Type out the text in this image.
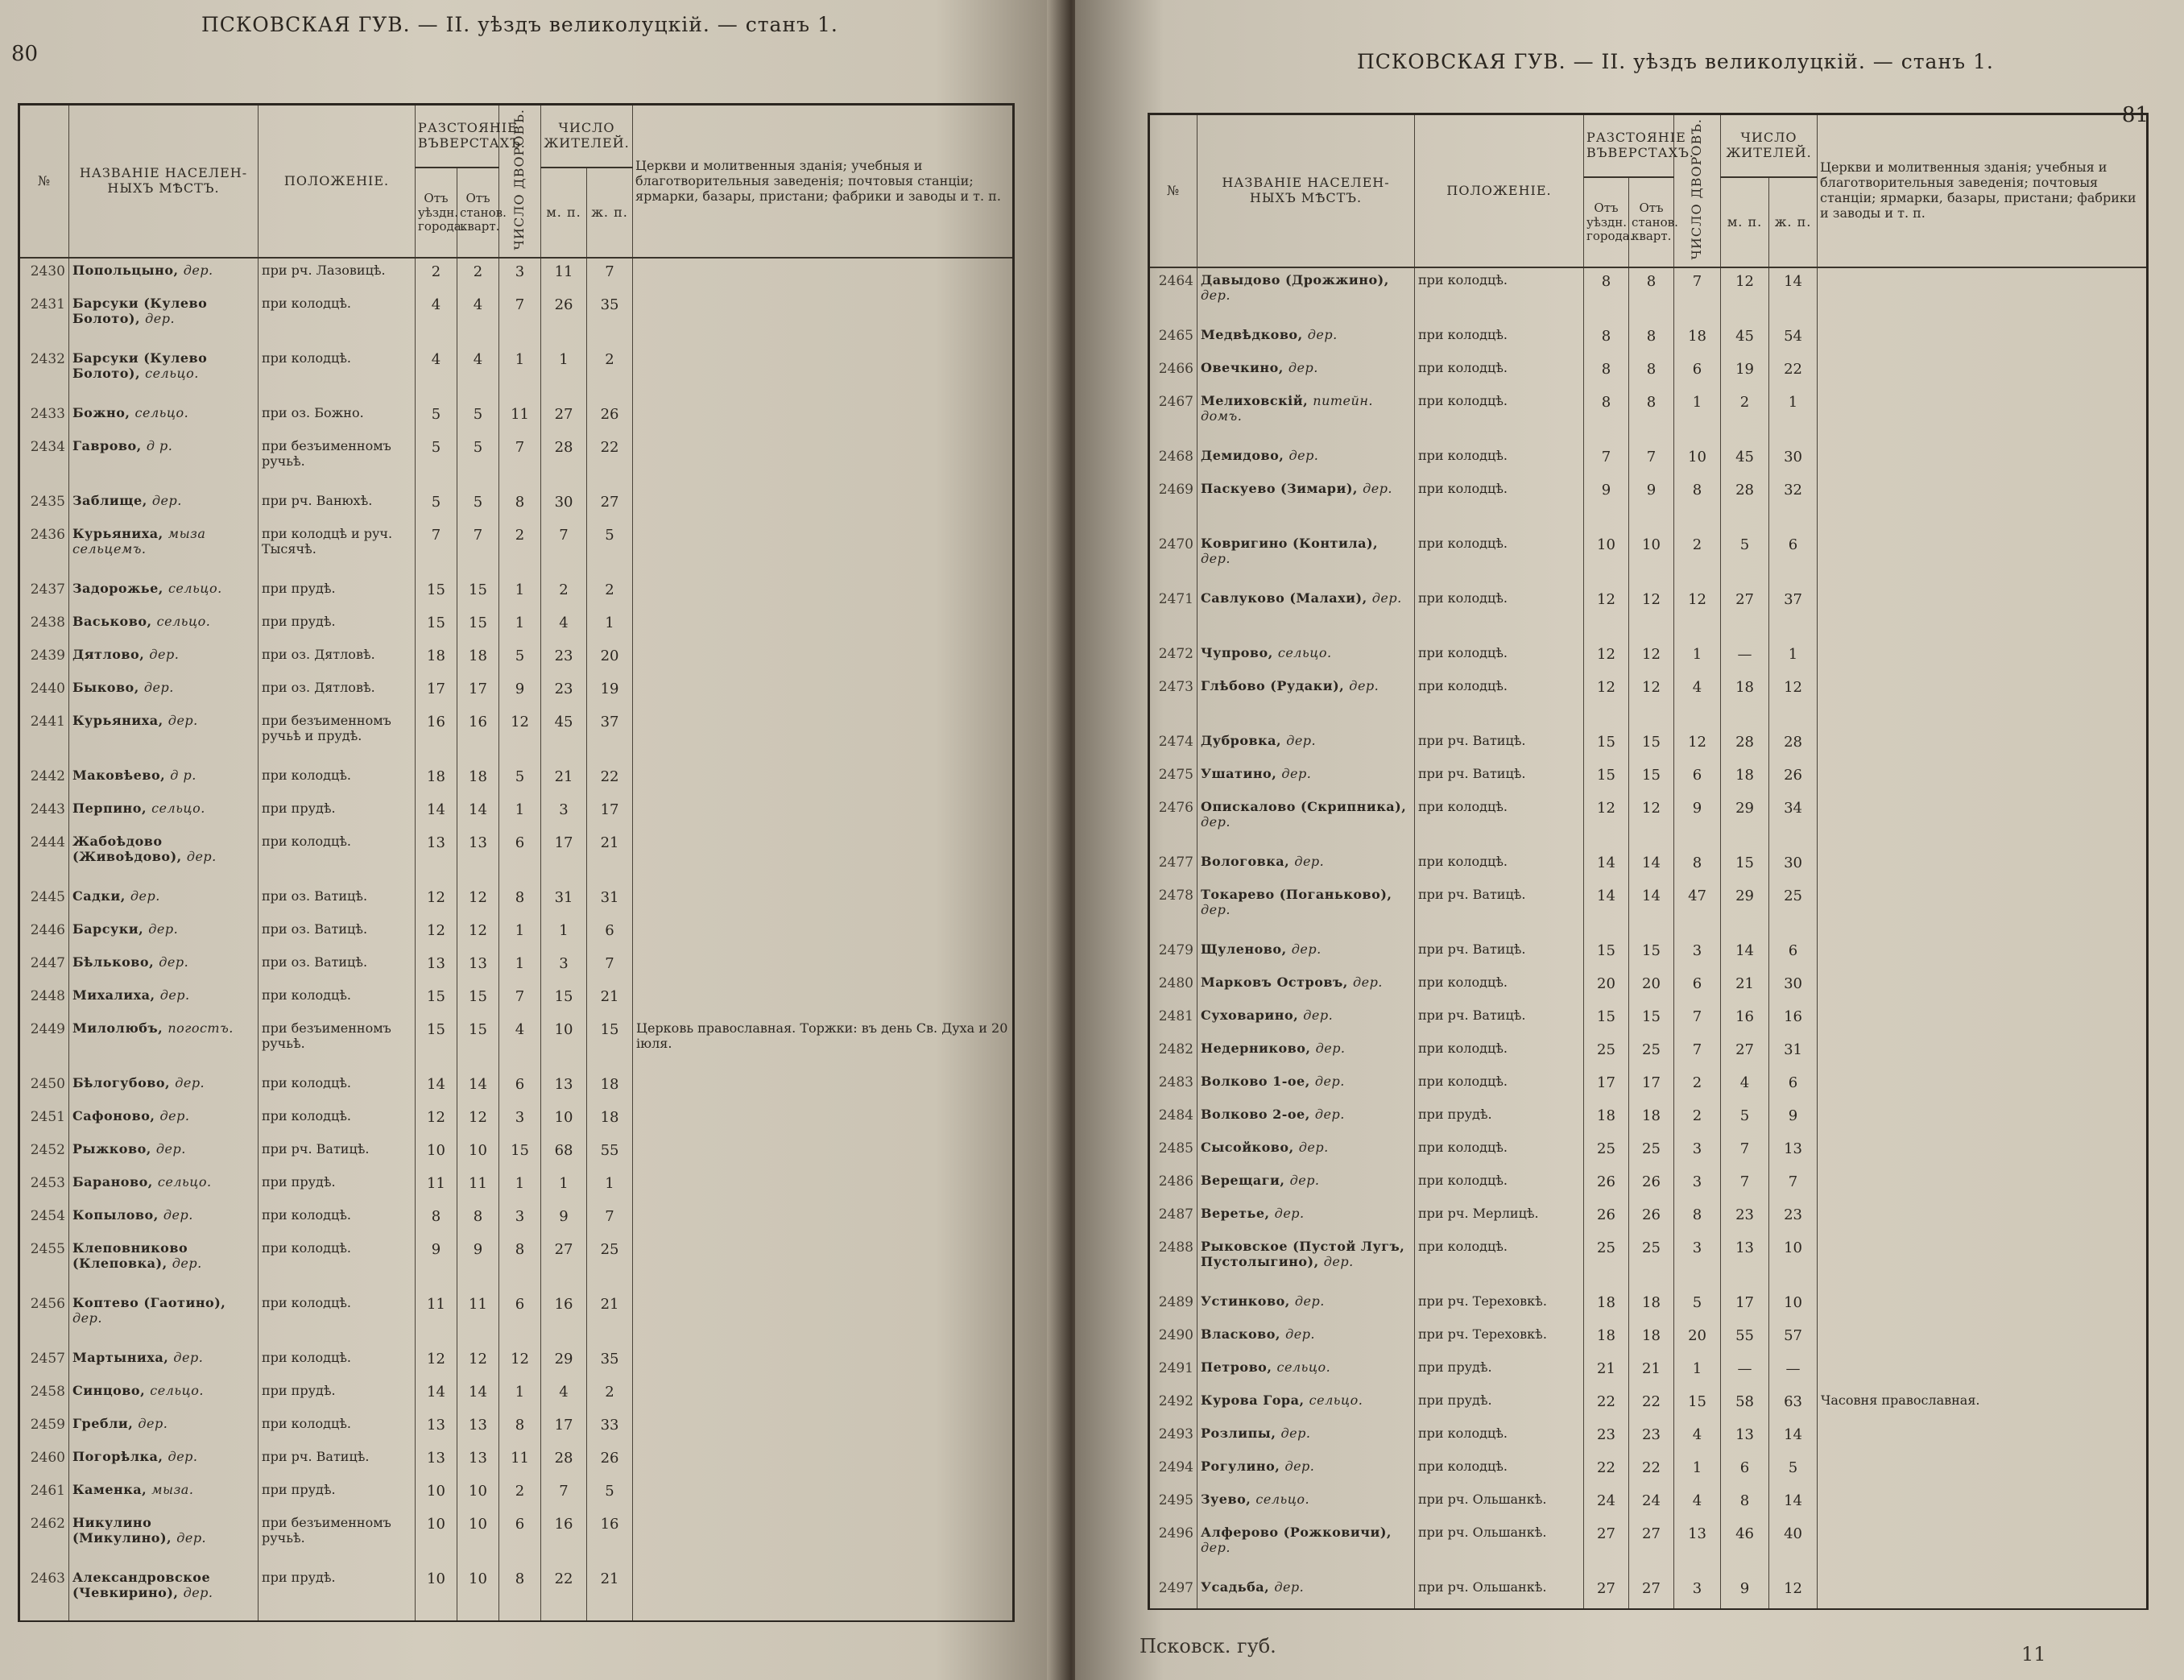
80
ПСКОВСКАЯ ГУВ. — II. уѣздъ великолуцкій. — станъ 1.
№	НАЗВАНІЕ НАСЕЛЕН-НЫХЪ МѢСТЪ.	ПОЛОЖЕНІЕ.	РАЗСТОЯНІЕ ВЪВЕРСТАХЪ.		ЧИСЛО ДВОРОВЪ.	ЧИСЛО ЖИТЕЛЕЙ.		Церкви и молитвенныя зданія; учебныя и благотворительныя заведенія; почтовыя станціи; ярмарки, базары, пристани; фабрики и заводы и т. п.
			Отъ уѣздн. города.	Отъ станов. кварт.		м. п.	ж. п.	
2430	Попольцыно, дер.	при рч. Лазовицѣ.	2	2	3	11	7	
2431	Барсуки (Кулево Болото), дер.	при колодцѣ.	4	4	7	26	35	
2432	Барсуки (Кулево Болото), сельцо.	при колодцѣ.	4	4	1	1	2	
2433	Божно, сельцо.	при оз. Божно.	5	5	11	27	26	
2434	Гаврово, д р.	при безъименномъ ручьѣ.	5	5	7	28	22	
2435	Заблище, дер.	при рч. Ванюхѣ.	5	5	8	30	27	
2436	Курьяниха, мыза сельцемъ.	при колодцѣ и руч. Тысячѣ.	7	7	2	7	5	
2437	Задорожье, сельцо.	при прудѣ.	15	15	1	2	2	
2438	Васьково, сельцо.	при прудѣ.	15	15	1	4	1	
2439	Дятлово, дер.	при оз. Дятловѣ.	18	18	5	23	20	
2440	Быково, дер.	при оз. Дятловѣ.	17	17	9	23	19	
2441	Курьяниха, дер.	при безъименномъ ручьѣ и прудѣ.	16	16	12	45	37	
2442	Маковѣево, д р.	при колодцѣ.	18	18	5	21	22	
2443	Перпино, сельцо.	при прудѣ.	14	14	1	3	17	
2444	Жабоѣдово (Живоѣдово), дер.	при колодцѣ.	13	13	6	17	21	
2445	Садки, дер.	при оз. Ватицѣ.	12	12	8	31	31	
2446	Барсуки, дер.	при оз. Ватицѣ.	12	12	1	1	6	
2447	Бѣльково, дер.	при оз. Ватицѣ.	13	13	1	3	7	
2448	Михалиха, дер.	при колодцѣ.	15	15	7	15	21	
2449	Милолюбъ, погостъ.	при безъименномъ ручьѣ.	15	15	4	10	15	Церковь православная. Торжки: въ день Св. Духа и 20 іюля.
2450	Бѣлогубово, дер.	при колодцѣ.	14	14	6	13	18	
2451	Сафоново, дер.	при колодцѣ.	12	12	3	10	18	
2452	Рыжково, дер.	при рч. Ватицѣ.	10	10	15	68	55	
2453	Бараново, сельцо.	при прудѣ.	11	11	1	1	1	
2454	Копылово, дер.	при колодцѣ.	8	8	3	9	7	
2455	Клеповниково (Клеповка), дер.	при колодцѣ.	9	9	8	27	25	
2456	Коптево (Гаотино), дер.	при колодцѣ.	11	11	6	16	21	
2457	Мартыниха, дер.	при колодцѣ.	12	12	12	29	35	
2458	Синцово, сельцо.	при прудѣ.	14	14	1	4	2	
2459	Гребли, дер.	при колодцѣ.	13	13	8	17	33	
2460	Погорѣлка, дер.	при рч. Ватицѣ.	13	13	11	28	26	
2461	Каменка, мыза.	при прудѣ.	10	10	2	7	5	
2462	Никулино (Микулино), дер.	при безъименномъ ручьѣ.	10	10	6	16	16	
2463	Александровское (Чевкирино), дер.	при прудѣ.	10	10	8	22	21	
ПСКОВСКАЯ ГУВ. — II. уѣздъ великолуцкій. — станъ 1.
81
№	НАЗВАНІЕ НАСЕЛЕН-НЫХЪ МѢСТЪ.	ПОЛОЖЕНІЕ.	РАЗСТОЯНІЕ ВЪВЕРСТАХЪ.		ЧИСЛО ДВОРОВЪ.	ЧИСЛО ЖИТЕЛЕЙ.		Церкви и молитвенныя зданія; учебныя и благотворительныя заведенія; почтовыя станціи; ярмарки, базары, пристани; фабрики и заводы и т. п.
			Отъ уѣздн. города.	Отъ станов. кварт.		м. п.	ж. п.	
2464	Давыдово (Дрожжино), дер.	при колодцѣ.	8	8	7	12	14	
2465	Медвѣдково, дер.	при колодцѣ.	8	8	18	45	54	
2466	Овечкино, дер.	при колодцѣ.	8	8	6	19	22	
2467	Мелиховскій, питейн. домъ.	при колодцѣ.	8	8	1	2	1	
2468	Демидово, дер.	при колодцѣ.	7	7	10	45	30	
2469	Паскуево (Зимари), дер.	при колодцѣ.	9	9	8	28	32	
2470	Ковригино (Контила), дер.	при колодцѣ.	10	10	2	5	6	
2471	Савлуково (Малахи), дер.	при колодцѣ.	12	12	12	27	37	
2472	Чупрово, сельцо.	при колодцѣ.	12	12	1	—	1	
2473	Глѣбово (Рудаки), дер.	при колодцѣ.	12	12	4	18	12	
2474	Дубровка, дер.	при рч. Ватицѣ.	15	15	12	28	28	
2475	Ушатино, дер.	при рч. Ватицѣ.	15	15	6	18	26	
2476	Опискалово (Скрипника), дер.	при колодцѣ.	12	12	9	29	34	
2477	Вологовка, дер.	при колодцѣ.	14	14	8	15	30	
2478	Токарево (Поганьково), дер.	при рч. Ватицѣ.	14	14	47	29	25	
2479	Щуленово, дер.	при рч. Ватицѣ.	15	15	3	14	6	
2480	Марковъ Островъ, дер.	при колодцѣ.	20	20	6	21	30	
2481	Суховарино, дер.	при рч. Ватицѣ.	15	15	7	16	16	
2482	Недерниково, дер.	при колодцѣ.	25	25	7	27	31	
2483	Волково 1-ое, дер.	при колодцѣ.	17	17	2	4	6	
2484	Волково 2-ое, дер.	при прудѣ.	18	18	2	5	9	
2485	Сысойково, дер.	при колодцѣ.	25	25	3	7	13	
2486	Верещаги, дер.	при колодцѣ.	26	26	3	7	7	
2487	Веретье, дер.	при рч. Мерлицѣ.	26	26	8	23	23	
2488	Рыковское (Пустой Лугъ, Пустолыгино), дер.	при колодцѣ.	25	25	3	13	10	
2489	Устинково, дер.	при рч. Тереховкѣ.	18	18	5	17	10	
2490	Власково, дер.	при рч. Тереховкѣ.	18	18	20	55	57	
2491	Петрово, сельцо.	при прудѣ.	21	21	1	—	—	
2492	Курова Гора, сельцо.	при прудѣ.	22	22	15	58	63	Часовня православная.
2493	Розлипы, дер.	при колодцѣ.	23	23	4	13	14	
2494	Рогулино, дер.	при колодцѣ.	22	22	1	6	5	
2495	Зуево, сельцо.	при рч. Ольшанкѣ.	24	24	4	8	14	
2496	Алферово (Рожковичи), дер.	при рч. Ольшанкѣ.	27	27	13	46	40	
2497	Усадьба, дер.	при рч. Ольшанкѣ.	27	27	3	9	12	
Псковск. губ.	11
